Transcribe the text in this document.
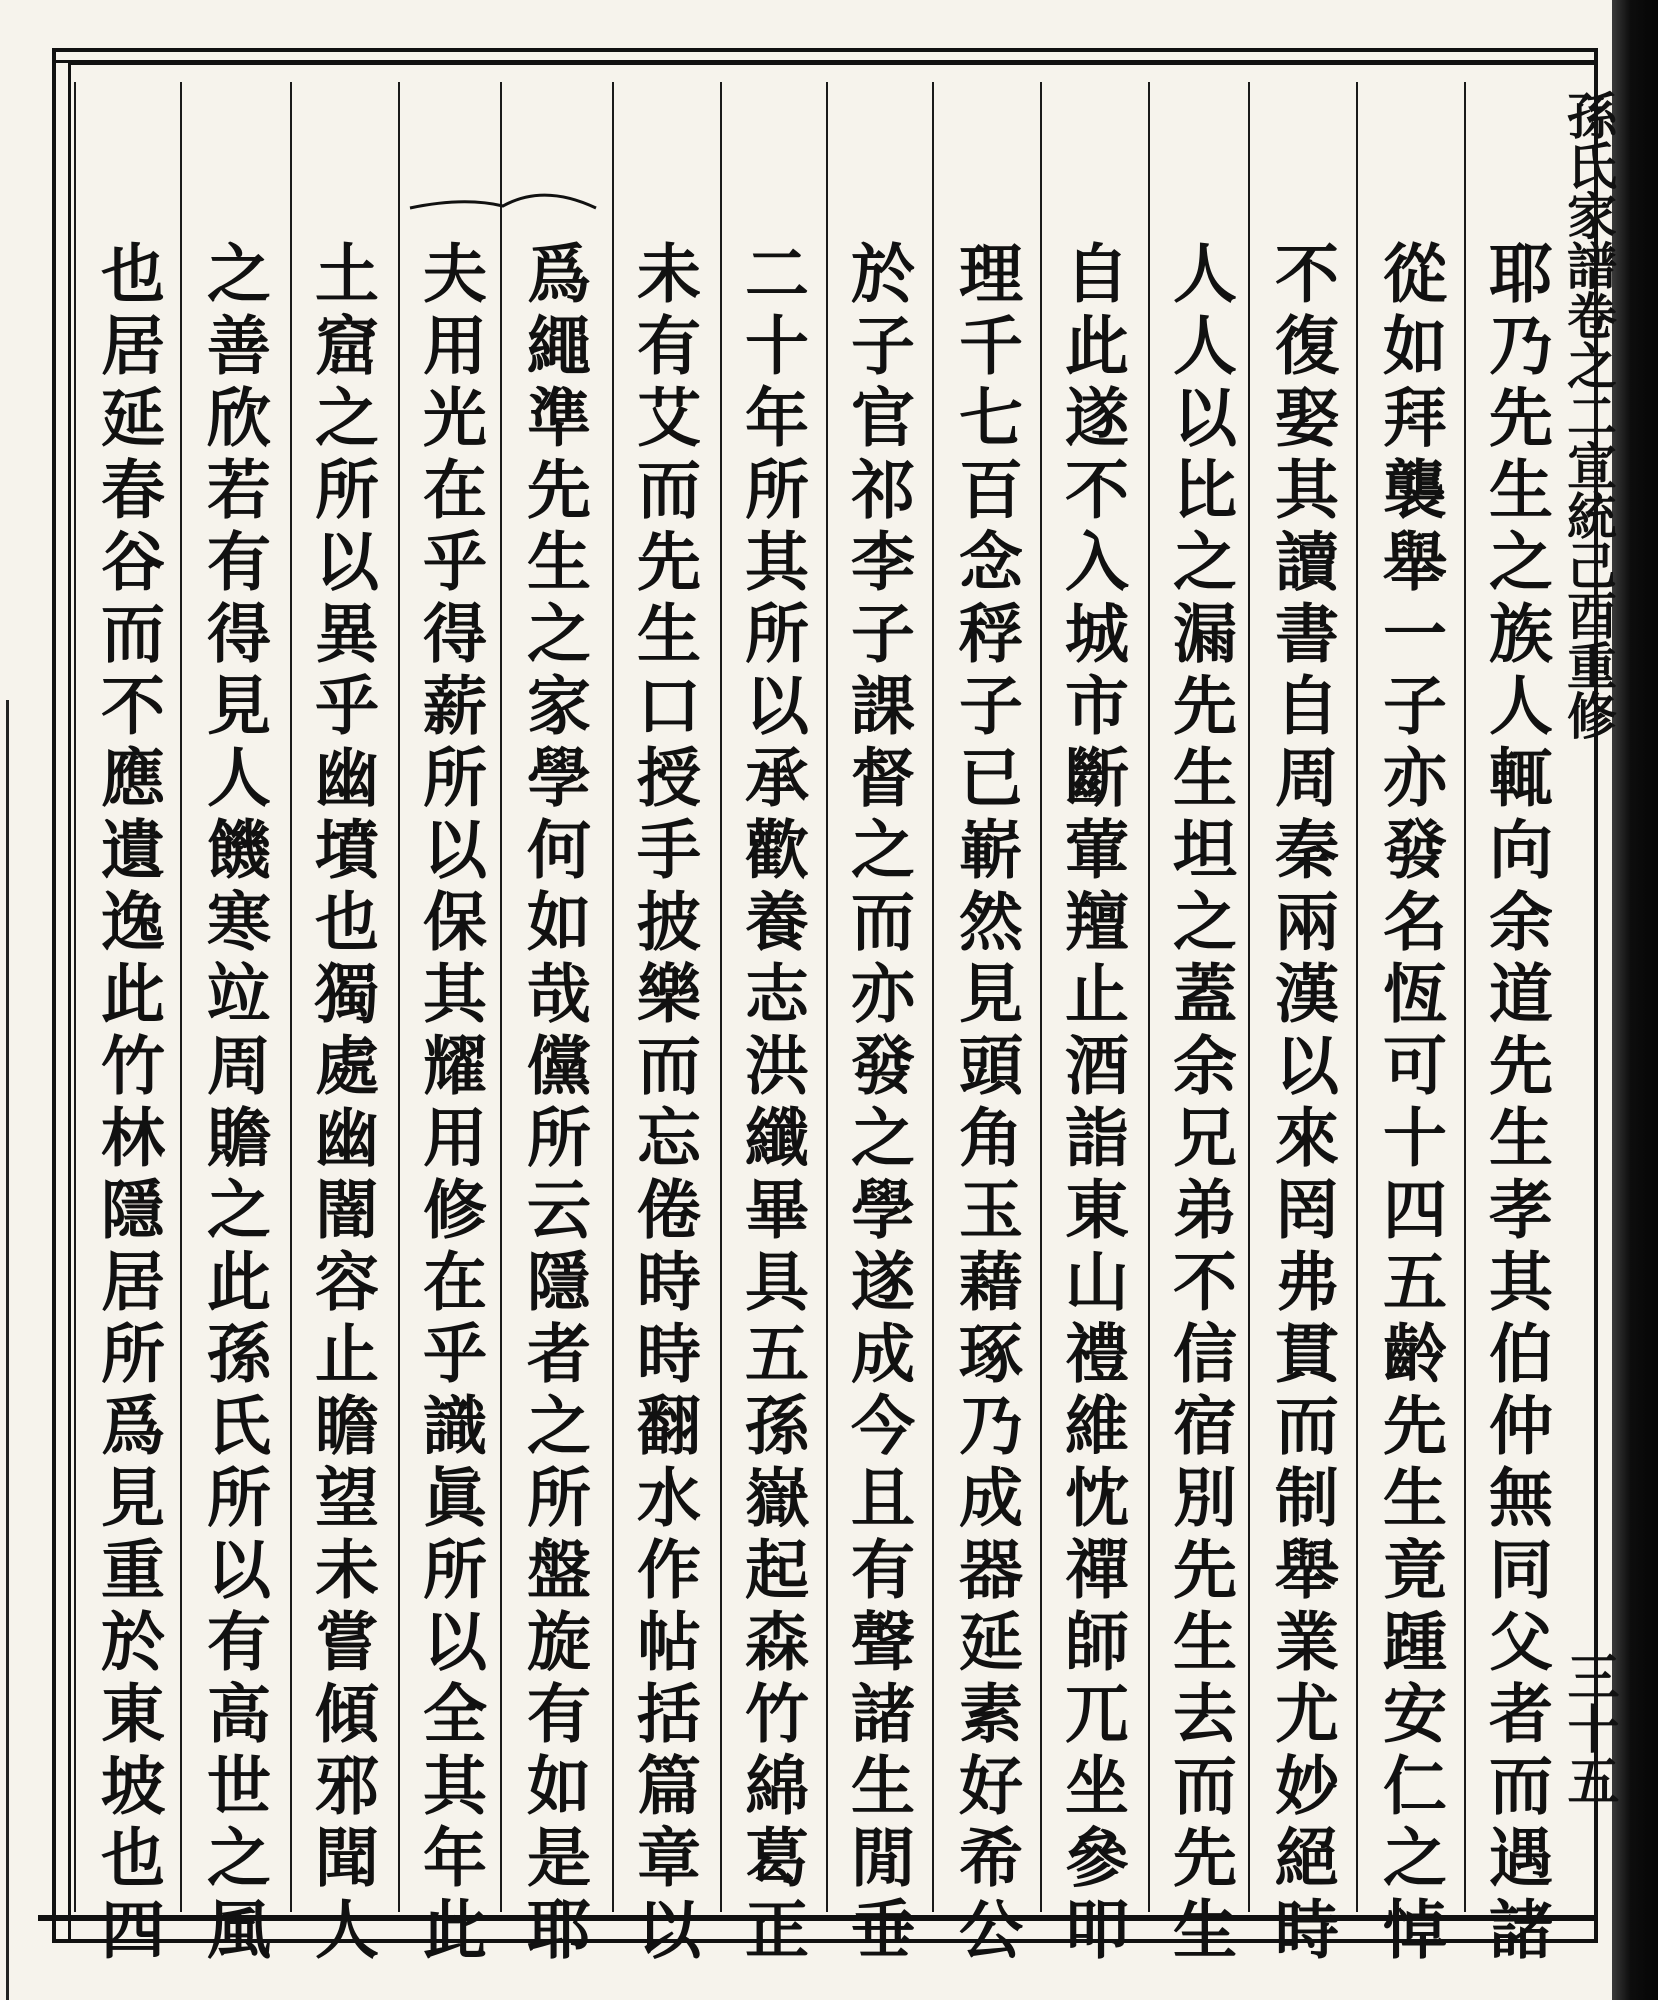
孫氏家譜卷之二宣統己酉重修
三十五
耶乃先生之族人輒向余道先生孝其伯仲無同父者而遇諸
從如拜襲舉一子亦發名恆可十四五齡先生竟踵安仁之悼
不復娶其讀書自周秦兩漢以來罔弗貫而制舉業尤妙絕時
人人以比之漏先生坦之蓋余兄弟不信宿別先生去而先生
自此遂不入城市斷葷羶止酒詣東山禮維忱禪師兀坐參叩
理千七百念稃子已嶄然見頭角玉藉琢乃成器延素好希公
於子官祁李子課督之而亦發之學遂成今且有聲諸生閒垂
二十年所其所以承歡養志洪纖畢具五孫嶽起森竹綿葛正
未有艾而先生口授手披樂而忘倦時時翻水作帖括篇章以
爲繩準先生之家學何如哉儻所云隱者之所盤旋有如是耶
夫用光在乎得薪所以保其耀用修在乎識眞所以全其年此
土窟之所以異乎幽墳也獨處幽闇容止瞻望未嘗傾邪聞人
之善欣若有得見人饑寒竝周贍之此孫氏所以有高世之風
也居延春谷而不應遺逸此竹林隱居所爲見重於東坡也四
